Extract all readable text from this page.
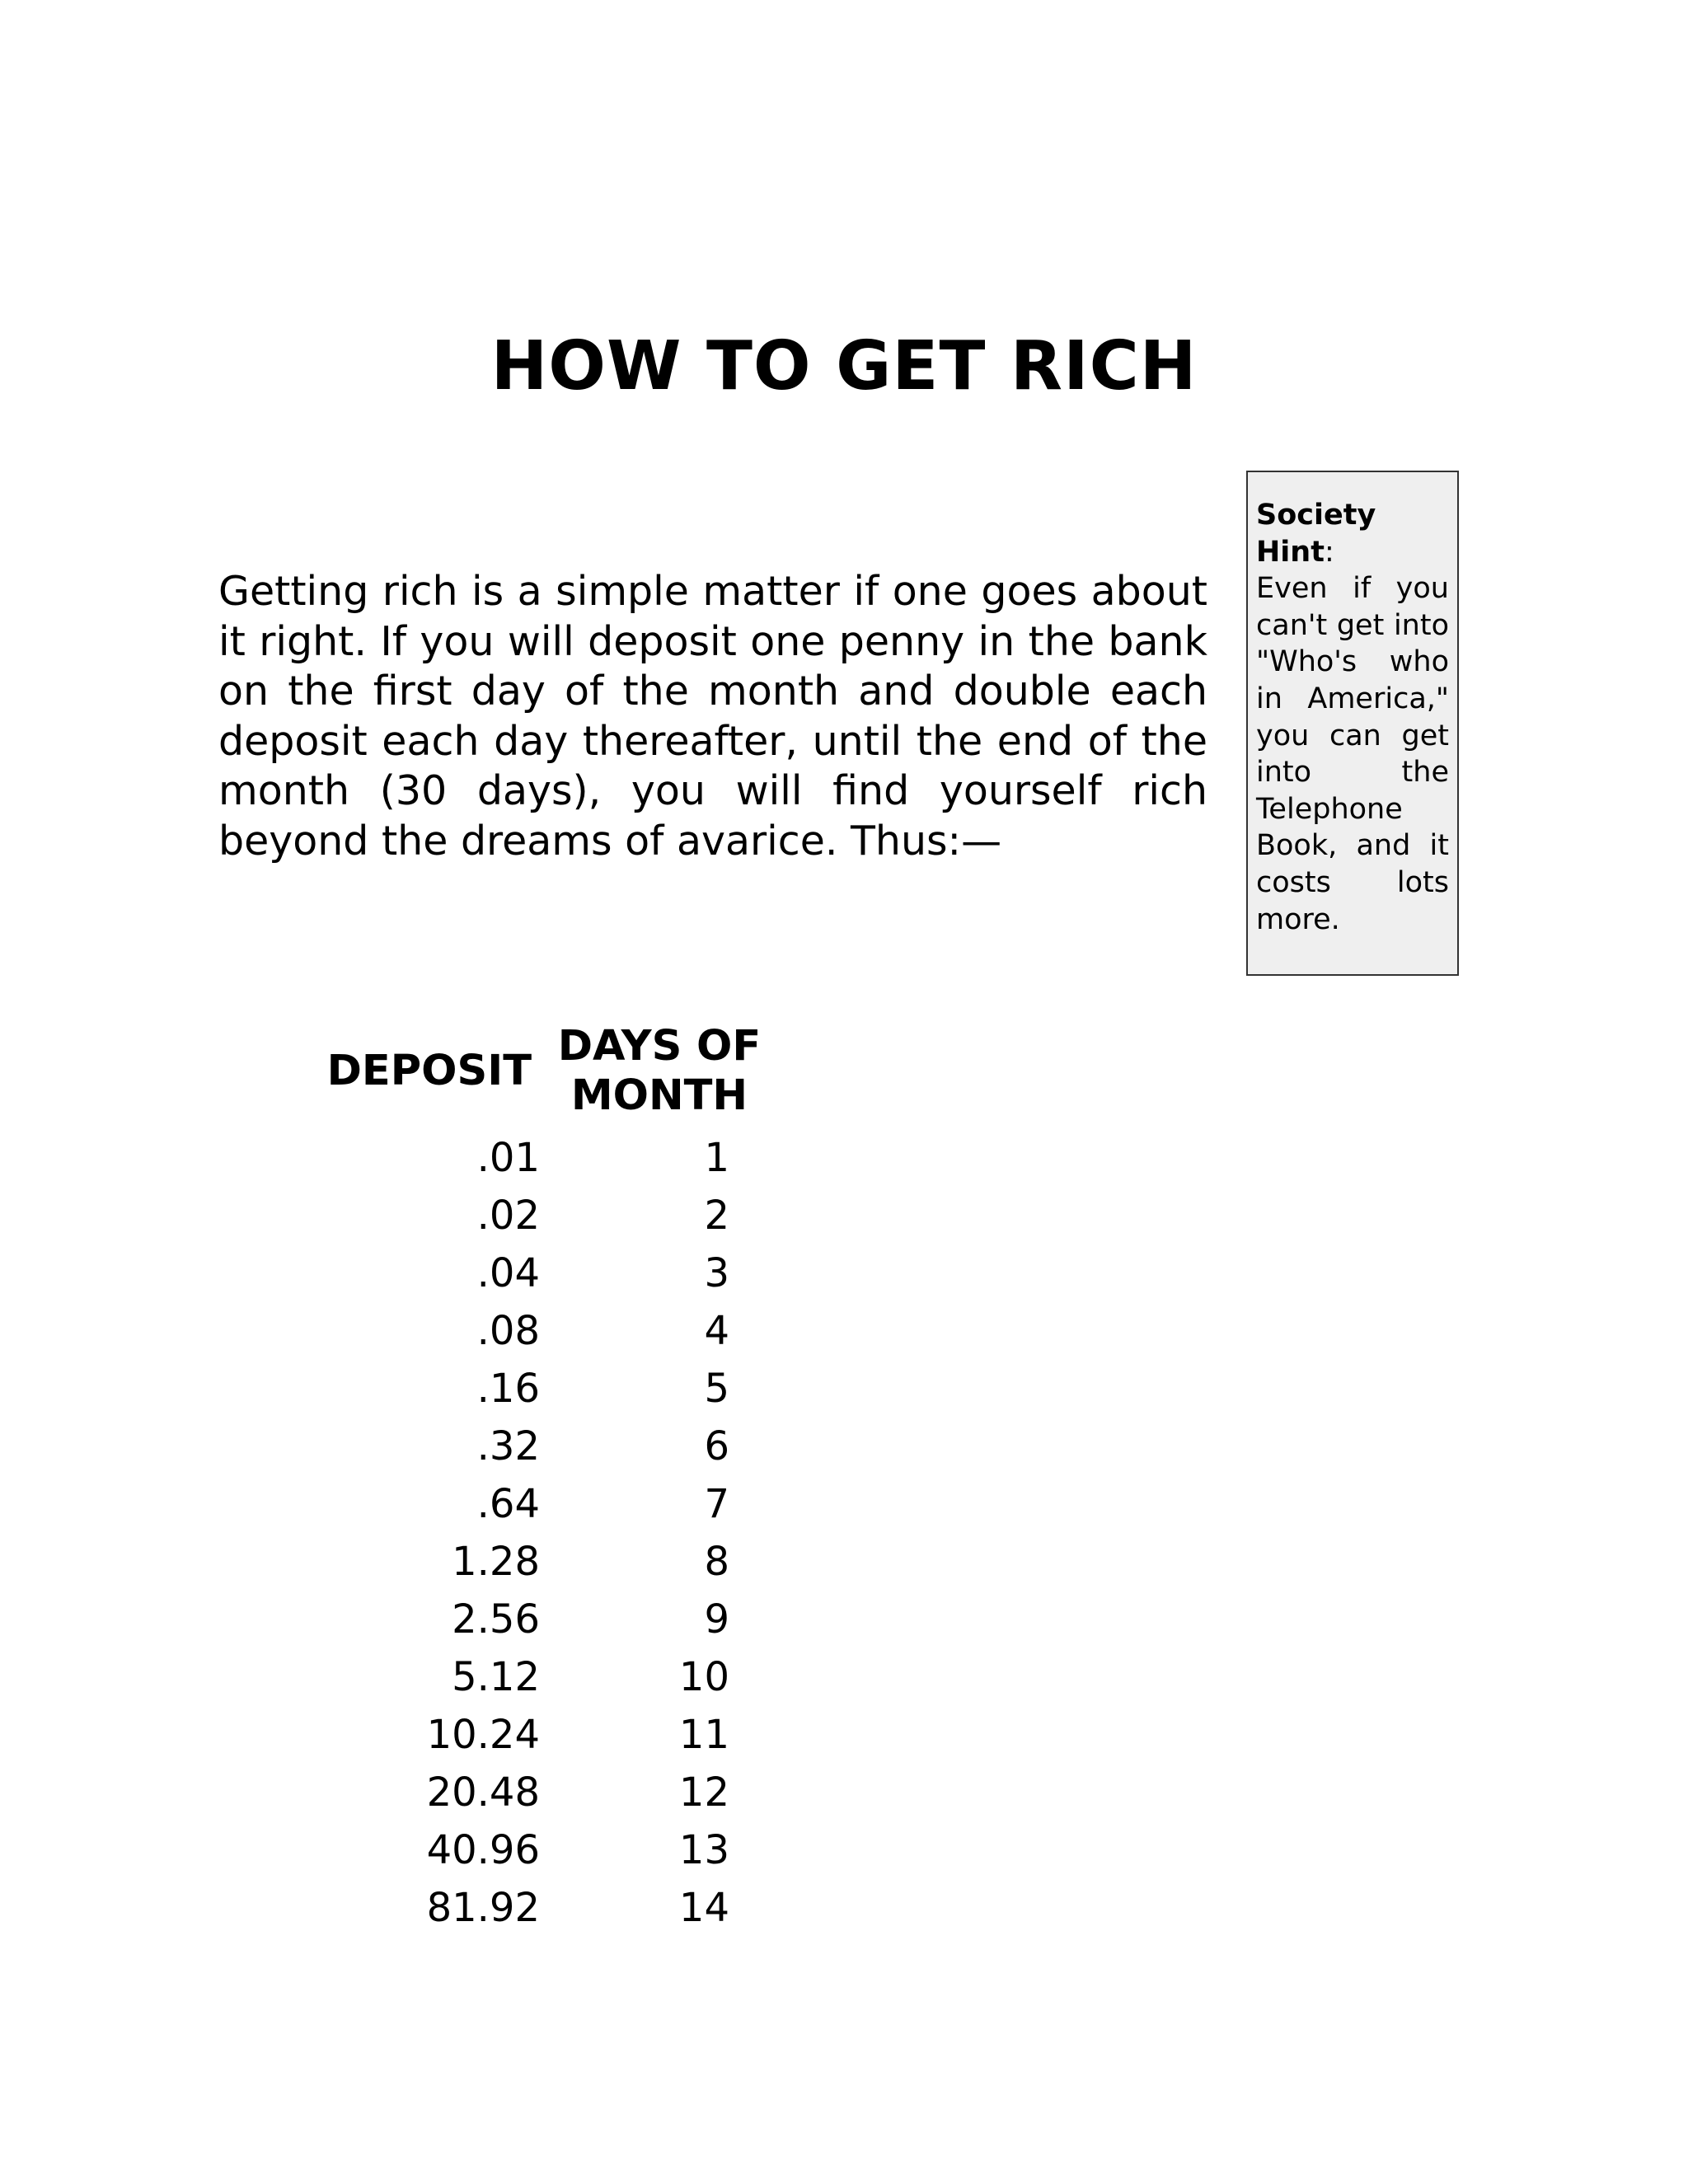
HOW TO GET RICH

Getting rich is a simple matter if one goes about it right. If you will deposit one penny in the bank on the first day of the month and double each deposit each day thereafter, until the end of the month (30 days), you will find yourself rich beyond the dreams of avarice. Thus:—

Society Hint:
Even if you can't get into "Who's who in America," you can get into the Telephone Book, and it costs lots more.
DEPOSIT
DAYS OF MONTH
.01	1
.02	2
.04	3
.08	4
.16	5
.32	6
.64	7
1.28	8
2.56	9
5.12	10
10.24	11
20.48	12
40.96	13
81.92	14
